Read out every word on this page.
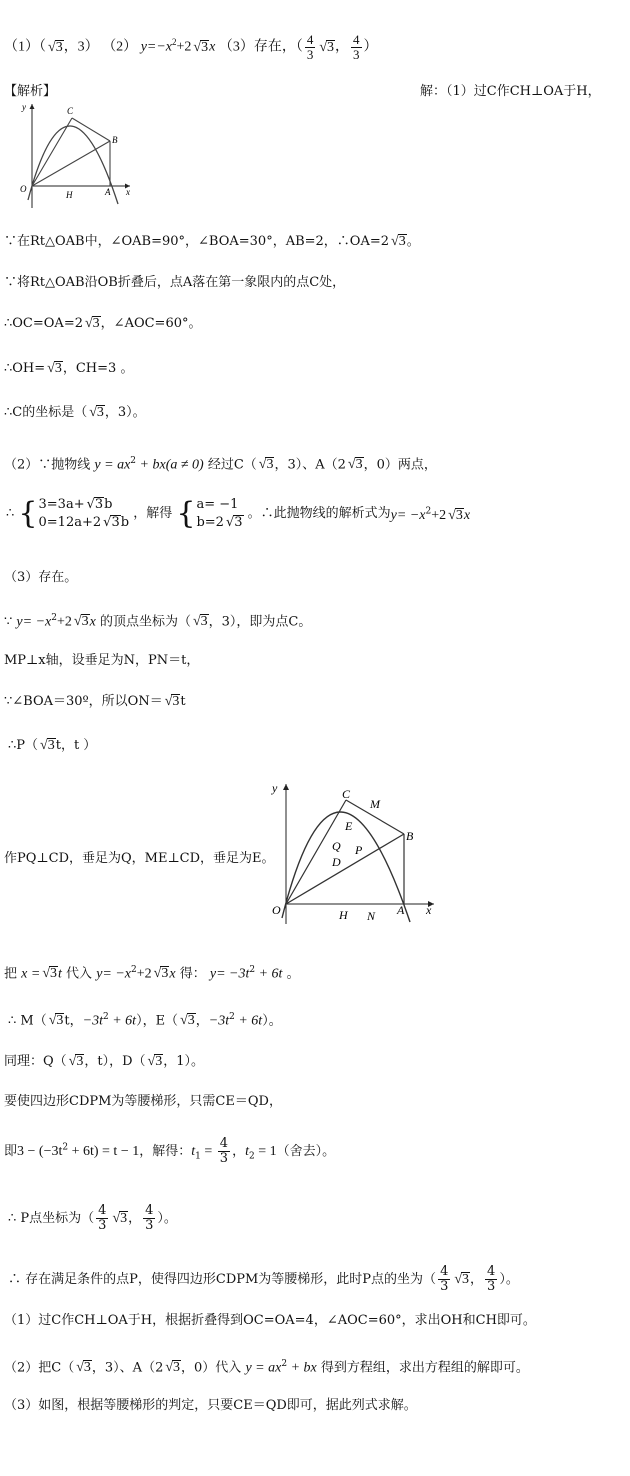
（1）（ √3，3） （2） $y=-x^2+2$ √3x （3）存在，（ $\frac{4}{3} √3$， $\frac{4}{3}$ ）
【解析】	解：（1）过C作CH⊥OA于H，
y	C
B
O
H	A x
∵在Rt△OAB中，∠OAB=90°，∠BOA=30°，AB=2，∴OA=2 √3。
∵将Rt△OAB沿OB折叠后，点A落在第一象限内的点C处，
∴OC=OA=2 √3，∠AOC=60°。
∴OH= √3，CH=3 。
∴C的坐标是（ √3，3）。
（2）∵抛物线 $y = ax^2 + bx(a \ne 0)$ 经过C（ √3，3）、A（2 √3，0）两点，
∴ { 3=3a+ √3b
0=12a+2 √3b
，解得 { a= −1
b=2 √3
。∴此抛物线的解析式为$y= -x^2+2$ √3x
（3）存在。
∵ $y= -x^2+2$ √3x 的顶点坐标为（ √3，3），即为点C。
MP⊥x轴，设垂足为N，PN＝t，
∵∠BOA＝30º，所以ON＝ √3t
∴P（ √3t，t ）
y	C
M
E
Q
D
P
B
O	H N A x
作PQ⊥CD，垂足为Q，ME⊥CD，垂足为E。
把 x = √3t 代入 $y= -x^2+2$ √3x 得： $y= -3t^2 + 6t$ 。
∴ M（ √3t，$-3t^2 + 6t$），E（ √3，$-3t^2 + 6t$）。
同理：Q（ √3，t），D（ √3，1）。
要使四边形CDPM为等腰梯形，只需CE＝QD，
即$3 - (-3t^2 + 6t) = t - 1$，解得：$t_1 = \frac{4}{3}$ ，$t_2 = 1$（舍去）。
∴ P点坐标为（ $\frac{4}{3} √3$， $\frac{4}{3}$ ）。
∴ 存在满足条件的点P，使得四边形CDPM为等腰梯形，此时P点的坐为（ $\frac{4}{3} √3$， $\frac{4}{3}$ ）。
（1）过C作CH⊥OA于H，根据折叠得到OC=OA=4，∠AOC=60°，求出OH和CH即可。
（2）把C（ √3，3）、A（2 √3，0）代入 $y = ax^2$ + bx 得到方程组，求出方程组的解即可。
（3）如图，根据等腰梯形的判定，只要CE＝QD即可，据此列式求解。
